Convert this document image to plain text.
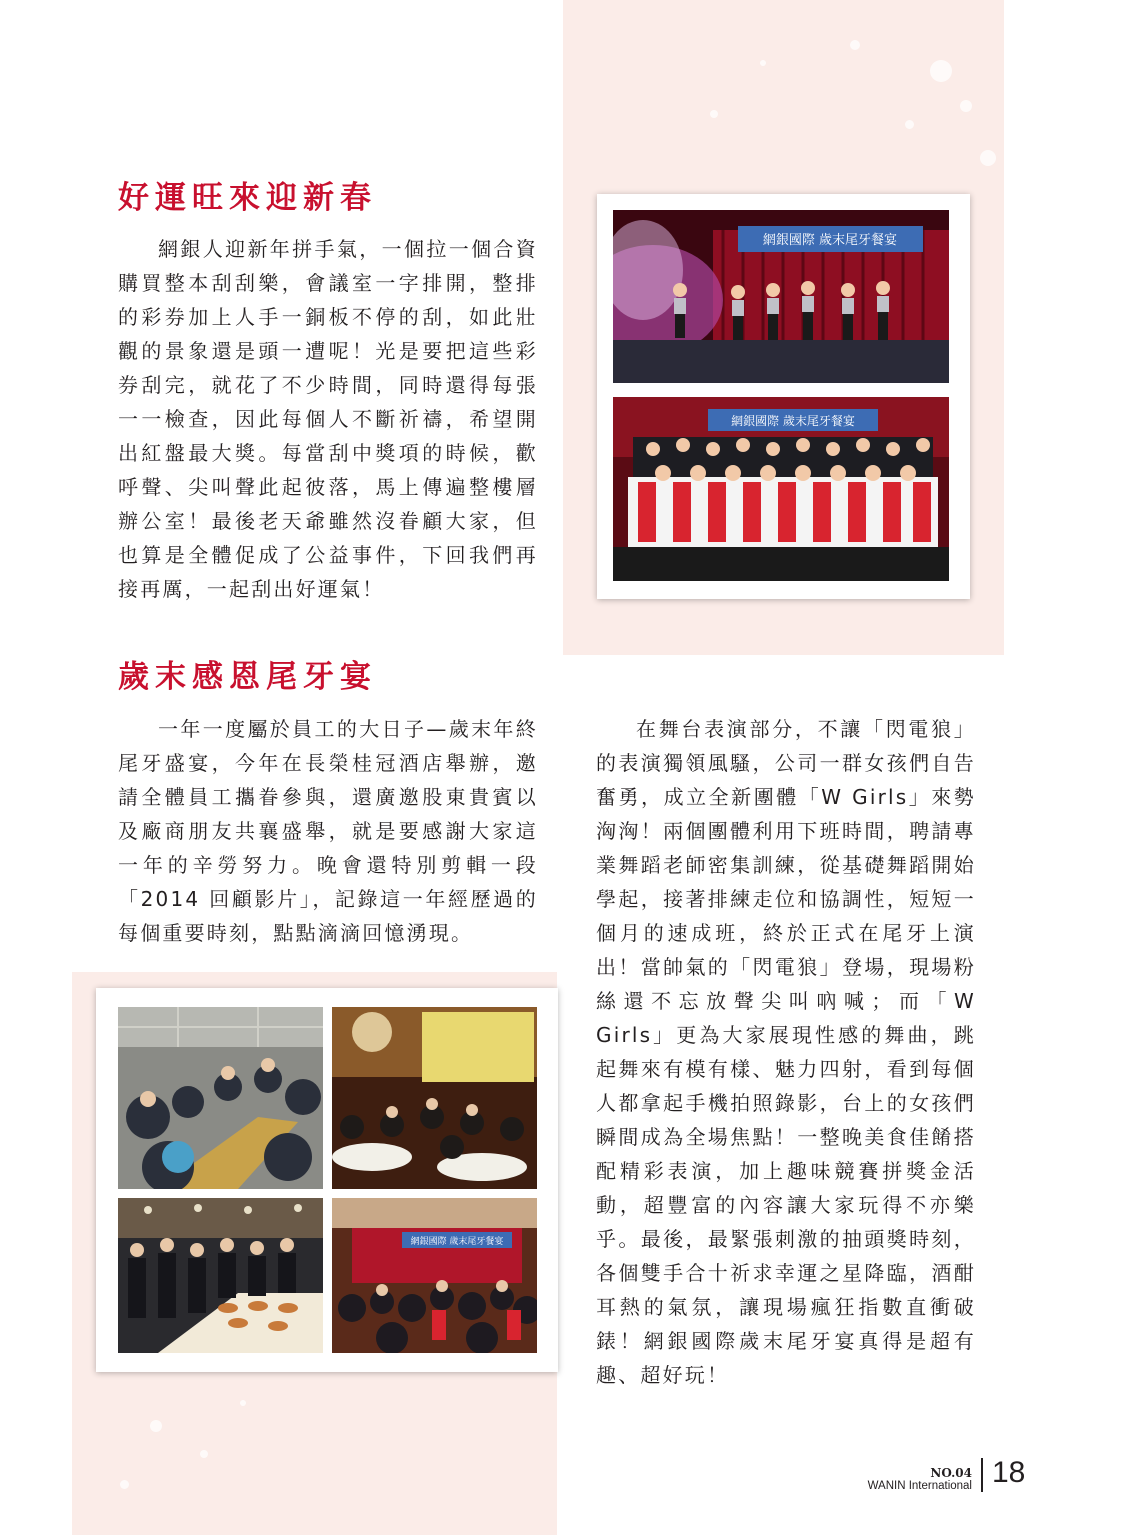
好運旺來迎新春

網銀人迎新年拼手氣，一個拉一個合資購買整本刮刮樂，會議室一字排開，整排的彩券加上人手一銅板不停的刮，如此壯觀的景象還是頭一遭呢！光是要把這些彩券刮完，就花了不少時間，同時還得每張一一檢查，因此每個人不斷祈禱，希望開出紅盤最大獎。每當刮中獎項的時候，歡呼聲、尖叫聲此起彼落，馬上傳遍整樓層辦公室！最後老天爺雖然沒眷顧大家，但也算是全體促成了公益事件，下回我們再接再厲，一起刮出好運氣！

網銀國際 歲末尾牙餐宴
網銀國際 歲末尾牙餐宴
歲末感恩尾牙宴

一年一度屬於員工的大日子—歲末年終尾牙盛宴，今年在長榮桂冠酒店舉辦，邀請全體員工攜眷參與，還廣邀股東貴賓以及廠商朋友共襄盛舉，就是要感謝大家這一年的辛勞努力。晚會還特別剪輯一段「2014 回顧影片」，記錄這一年經歷過的每個重要時刻，點點滴滴回憶湧現。

在舞台表演部分，不讓「閃電狼」的表演獨領風騷，公司一群女孩們自告奮勇，成立全新團體「W Girls」來勢洶洶！兩個團體利用下班時間，聘請專業舞蹈老師密集訓練，從基礎舞蹈開始學起，接著排練走位和協調性，短短一個月的速成班，終於正式在尾牙上演出！當帥氣的「閃電狼」登場，現場粉絲還不忘放聲尖叫吶喊；而「W Girls」更為大家展現性感的舞曲，跳起舞來有模有樣、魅力四射，看到每個人都拿起手機拍照錄影，台上的女孩們瞬間成為全場焦點！一整晚美食佳餚搭配精彩表演，加上趣味競賽拼獎金活動，超豐富的內容讓大家玩得不亦樂乎。最後，最緊張刺激的抽頭獎時刻，各個雙手合十祈求幸運之星降臨，酒酣耳熱的氣氛，讓現場瘋狂指數直衝破錶！網銀國際歲末尾牙宴真得是超有趣、超好玩！

網銀國際 歲末尾牙餐宴

NO.04

WANIN International 18
